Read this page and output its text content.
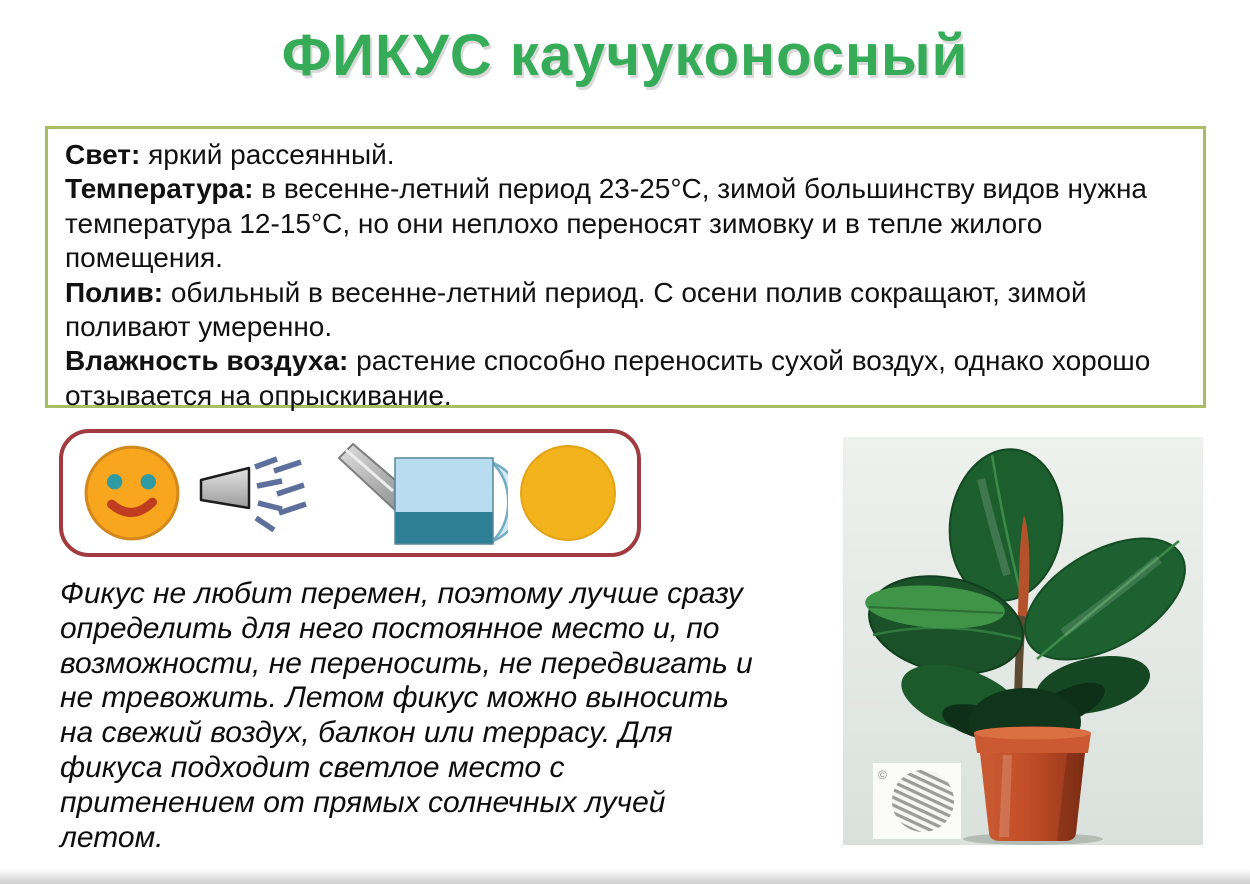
ФИКУС каучуконосный

Свет: яркий рассеянный.

Температура: в весенне-летний период 23-25°C, зимой большинству видов нужна температура 12-15°C, но они неплохо переносят зимовку и в тепле жилого помещения.

Полив: обильный в весенне-летний период. С осени полив сокращают, зимой поливают умеренно.

Влажность воздуха: растение способно переносить сухой воздух, однако хорошо отзывается на опрыскивание.

Фикус не любит перемен, поэтому лучше сразу определить для него постоянное место и, по возможности, не переносить, не передвигать и не тревожить. Летом фикус можно выносить на свежий воздух, балкон или террасу. Для фикуса подходит светлое место с притенением от прямых солнечных лучей летом.

©
